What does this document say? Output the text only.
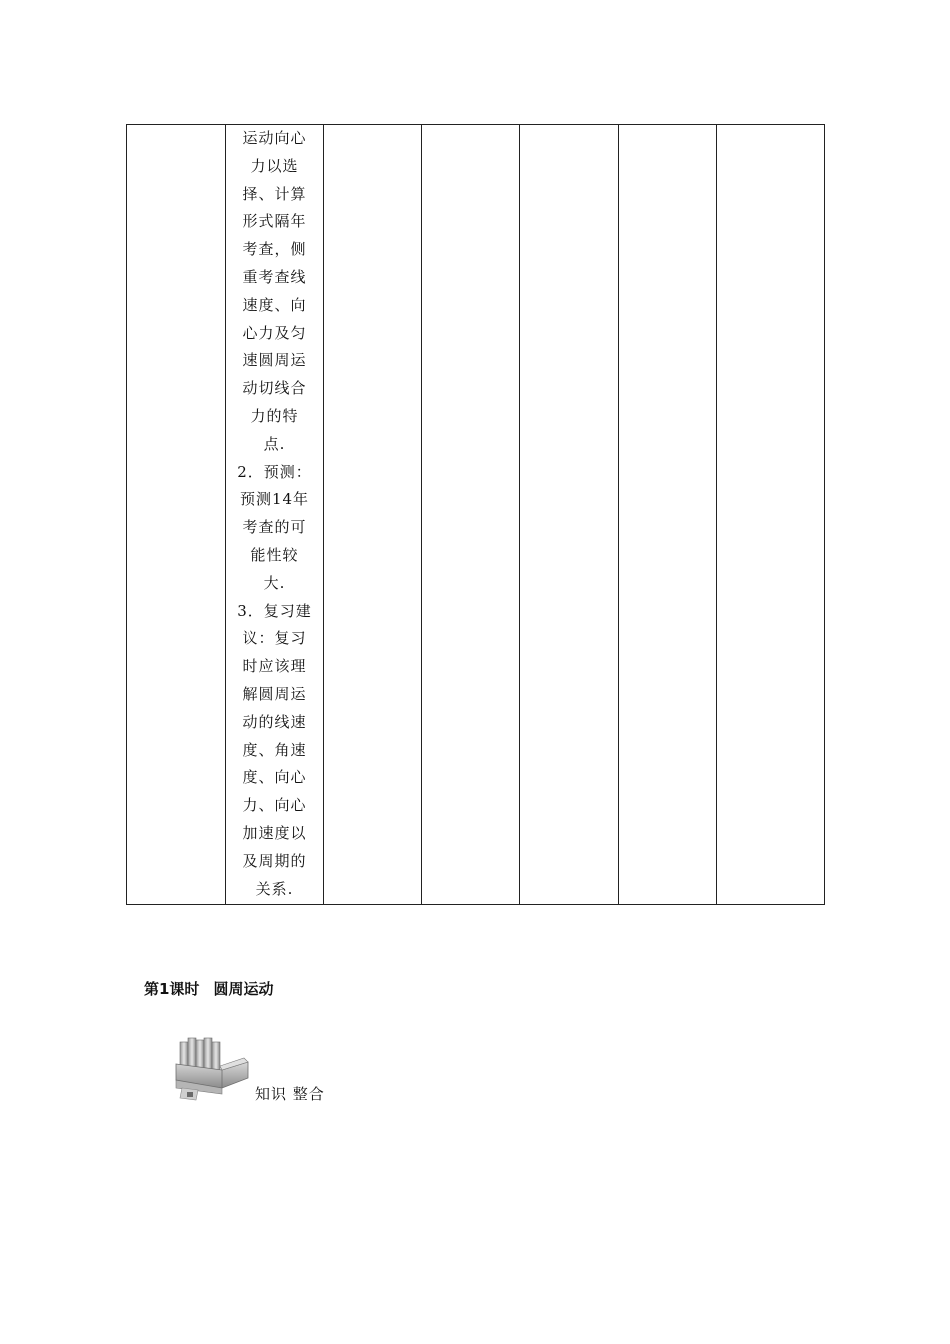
运动向心
力以选
择、计算
形式隔年
考查，侧
重考查线
速度、向
心力及匀
速圆周运
动切线合
力的特
点.
2．预测：
预测14年
考查的可
能性较
大.
3．复习建
议：复习
时应该理
解圆周运
动的线速
度、角速
度、向心
力、向心
加速度以
及周期的
关系.

第1课时 圆周运动
知识 整合
